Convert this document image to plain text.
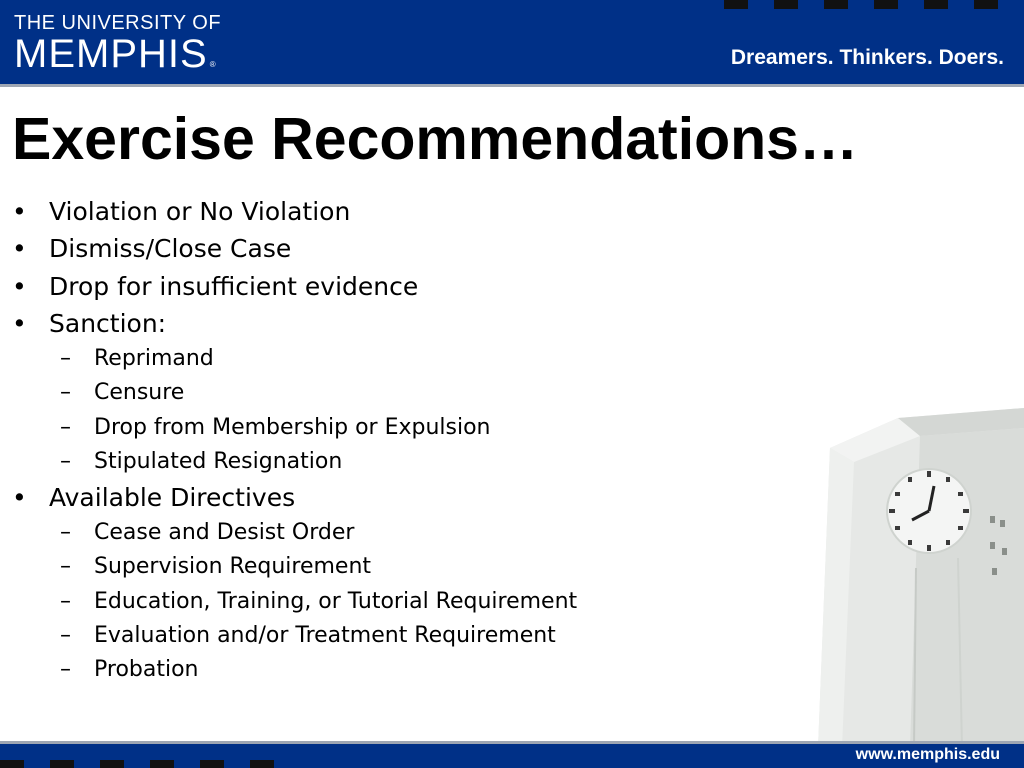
THE UNIVERSITY OF
MEMPHIS ®	Dreamers. Thinkers. Doers.
Exercise Recommendations…
• Violation or No Violation
• Dismiss/Close Case
• Drop for insufficient evidence
• Sanction:
– Reprimand
– Censure
– Drop from Membership or Expulsion
– Stipulated Resignation
• Available Directives
– Cease and Desist Order
– Supervision Requirement
– Education, Training, or Tutorial Requirement
– Evaluation and/or Treatment Requirement
– Probation
www.memphis.edu
